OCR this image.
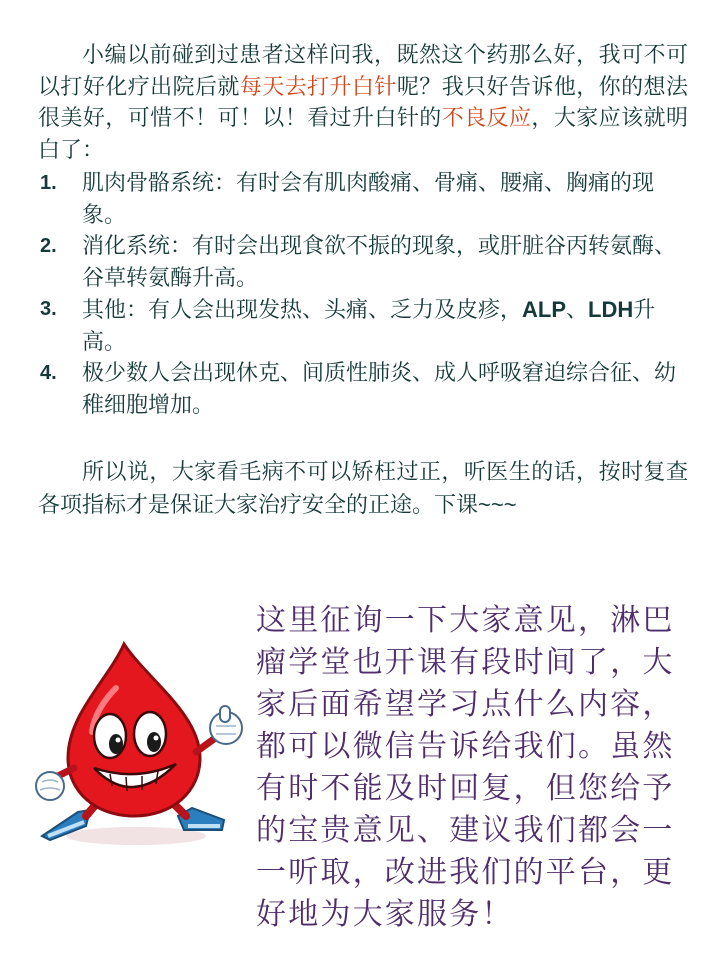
小编以前碰到过患者这样问我，既然这个药那么好，我可不可以打好化疗出院后就每天去打升白针呢？我只好告诉他，你的想法很美好，可惜不！可！以！看过升白针的不良反应，大家应该就明白了：

1. 肌肉骨骼系统：有时会有肌肉酸痛、骨痛、腰痛、胸痛的现象。
2. 消化系统：有时会出现食欲不振的现象，或肝脏谷丙转氨酶、谷草转氨酶升高。
3. 其他：有人会出现发热、头痛、乏力及皮疹，ALP、LDH升高。
4. 极少数人会出现休克、间质性肺炎、成人呼吸窘迫综合征、幼稚细胞增加。

所以说，大家看毛病不可以矫枉过正，听医生的话，按时复查各项指标才是保证大家治疗安全的正途。下课~~~

这里征询一下大家意见，淋巴瘤学堂也开课有段时间了，大家后面希望学习点什么内容，都可以微信告诉给我们。虽然有时不能及时回复，但您给予的宝贵意见、建议我们都会一一听取，改进我们的平台，更好地为大家服务！
